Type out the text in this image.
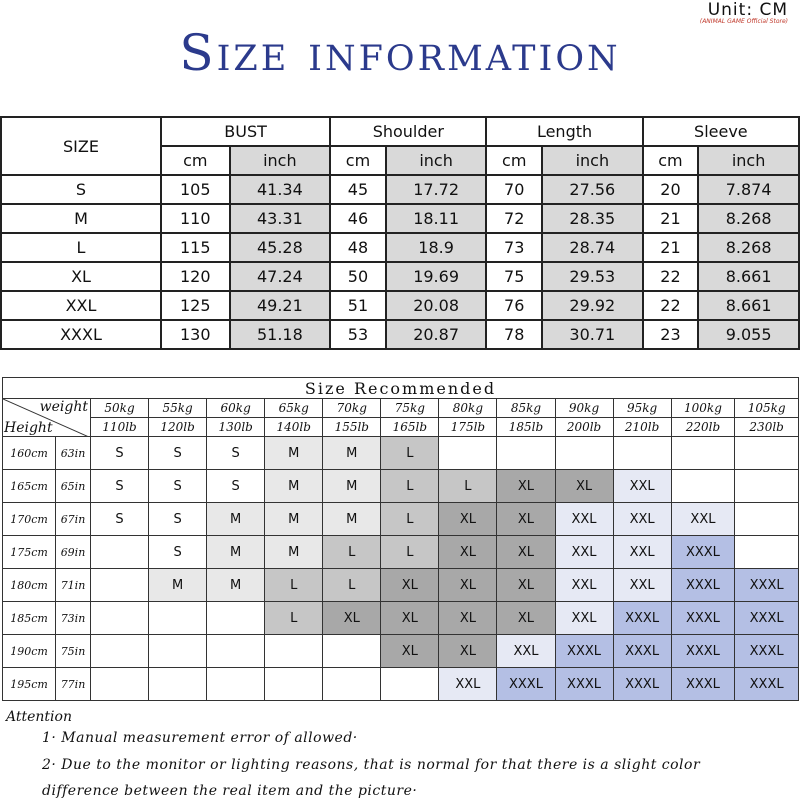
Size information
Unit: CM
(ANIMAL GAME Official Store)
SIZE	BUST		Shoulder		Length		Sleeve	
	cm	inch	cm	inch	cm	inch	cm	inch
S	105	41.34	45	17.72	70	27.56	20	7.874
M	110	43.31	46	18.11	72	28.35	21	8.268
L	115	45.28	48	18.9	73	28.74	21	8.268
XL	120	47.24	50	19.69	75	29.53	22	8.661
XXL	125	49.21	51	20.08	76	29.92	22	8.661
XXXL	130	51.18	53	20.87	78	30.71	23	9.055
Size Recommended													

weight
Height		50kg	55kg	60kg	65kg	70kg	75kg	80kg	85kg	90kg	95kg	100kg	105kg
		110lb	120lb	130lb	140lb	155lb	165lb	175lb	185lb	200lb	210lb	220lb	230lb
160cm	63in	S	S	S	M	M	L						
165cm	65in	S	S	S	M	M	L	L	XL	XL	XXL		
170cm	67in	S	S	M	M	M	L	XL	XL	XXL	XXL	XXL	
175cm	69in		S	M	M	L	L	XL	XL	XXL	XXL	XXXL	
180cm	71in		M	M	L	L	XL	XL	XL	XXL	XXL	XXXL	XXXL
185cm	73in				L	XL	XL	XL	XL	XXL	XXXL	XXXL	XXXL
190cm	75in						XL	XL	XXL	XXXL	XXXL	XXXL	XXXL
195cm	77in							XXL	XXXL	XXXL	XXXL	XXXL	XXXL
Attention
1· Manual measurement error of allowed·
2· Due to the monitor or lighting reasons, that is normal for that there is a slight color
difference between the real item and the picture·
